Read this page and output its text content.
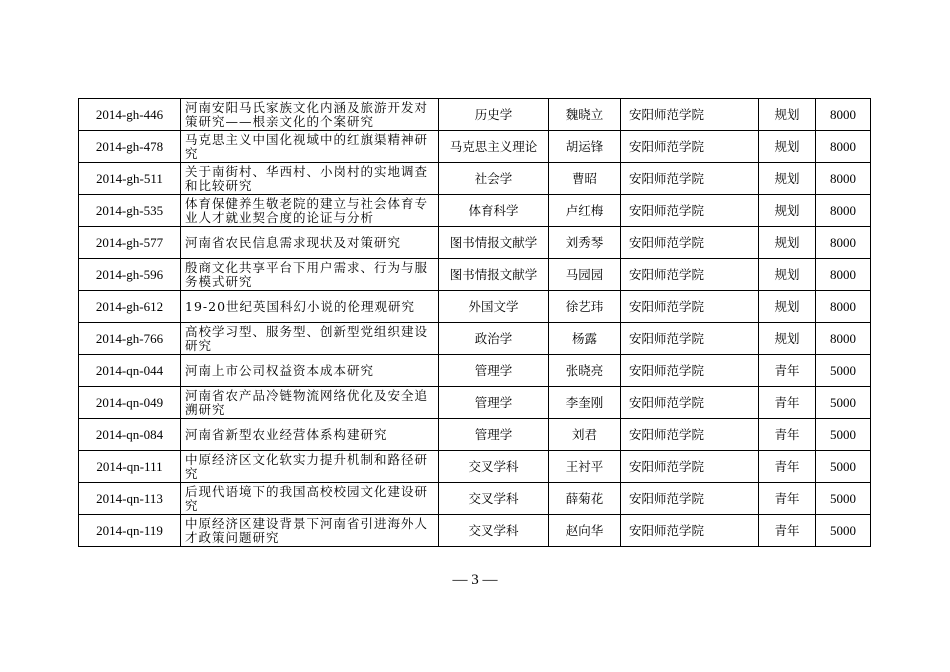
2014-gh-446	河南安阳马氏家族文化内涵及旅游开发对策研究——根亲文化的个案研究	历史学	魏晓立	安阳师范学院	规划	8000
2014-gh-478	马克思主义中国化视域中的红旗渠精神研究	马克思主义理论	胡运锋	安阳师范学院	规划	8000
2014-gh-511	关于南街村、华西村、小岗村的实地调查和比较研究	社会学	曹昭	安阳师范学院	规划	8000
2014-gh-535	体育保健养生敬老院的建立与社会体育专业人才就业契合度的论证与分析	体育科学	卢红梅	安阳师范学院	规划	8000
2014-gh-577	河南省农民信息需求现状及对策研究	图书情报文献学	刘秀琴	安阳师范学院	规划	8000
2014-gh-596	殷商文化共享平台下用户需求、行为与服务模式研究	图书情报文献学	马园园	安阳师范学院	规划	8000
2014-gh-612	19-20世纪英国科幻小说的伦理观研究	外国文学	徐艺玮	安阳师范学院	规划	8000
2014-gh-766	高校学习型、服务型、创新型党组织建设研究	政治学	杨露	安阳师范学院	规划	8000
2014-qn-044	河南上市公司权益资本成本研究	管理学	张晓亮	安阳师范学院	青年	5000
2014-qn-049	河南省农产品冷链物流网络优化及安全追溯研究	管理学	李奎刚	安阳师范学院	青年	5000
2014-qn-084	河南省新型农业经营体系构建研究	管理学	刘君	安阳师范学院	青年	5000
2014-qn-111	中原经济区文化软实力提升机制和路径研究	交叉学科	王衬平	安阳师范学院	青年	5000
2014-qn-113	后现代语境下的我国高校校园文化建设研究	交叉学科	薛菊花	安阳师范学院	青年	5000
2014-qn-119	中原经济区建设背景下河南省引进海外人才政策问题研究	交叉学科	赵向华	安阳师范学院	青年	5000
— 3 —
